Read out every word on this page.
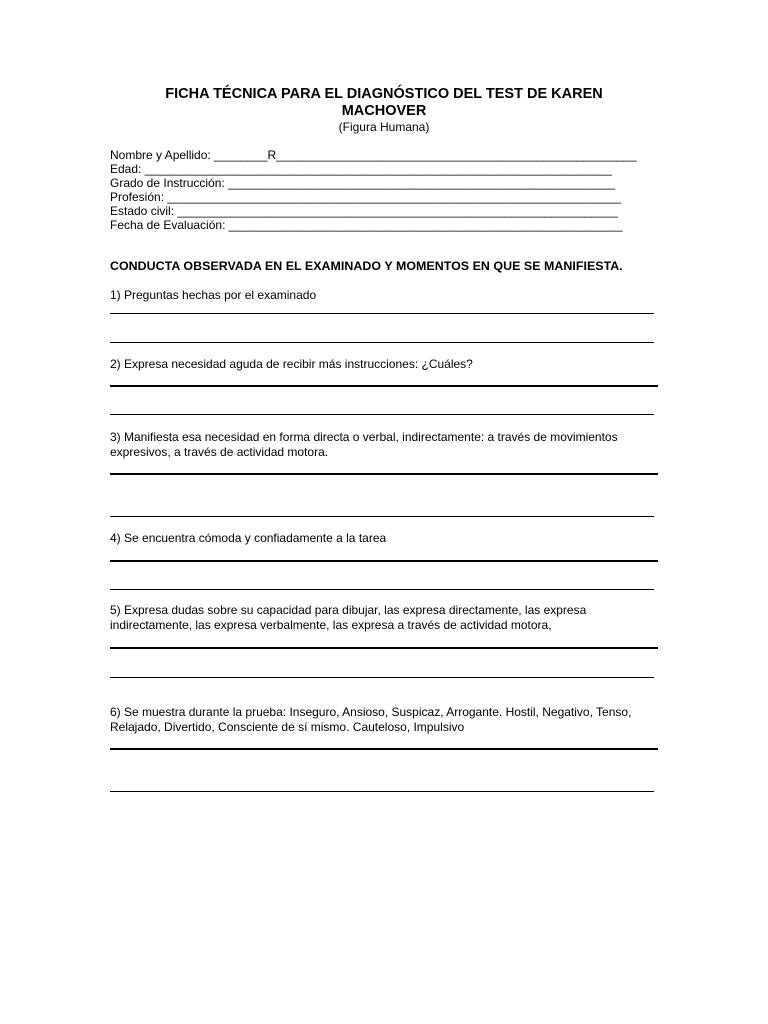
FICHA TÉCNICA PARA EL DIAGNÓSTICO DEL TEST DE KAREN
MACHOVER
(Figura Humana)
Nombre y Apellido: ________R______________________________________________________
Edad: ______________________________________________________________________
Grado de Instrucción: __________________________________________________________
Profesión: ____________________________________________________________________
Estado civil: __________________________________________________________________
Fecha de Evaluación: ___________________________________________________________
CONDUCTA OBSERVADA EN EL EXAMINADO Y MOMENTOS EN QUE SE MANIFIESTA.
1) Preguntas hechas por el examinado
2) Expresa necesidad aguda de recibir más instrucciones: ¿Cuáles?
3) Manifiesta esa necesidad en forma directa o verbal, indirectamente: a través de movimientos expresivos, a través de actividad motora.
4) Se encuentra cómoda y confiadamente a la tarea
5) Expresa dudas sobre su capacidad para dibujar, las expresa directamente, las expresa indirectamente, las expresa verbalmente, las expresa a través de actividad motora,
6) Se muestra durante la prueba: Inseguro, Ansioso, Suspicaz, Arrogante. Hostil, Negativo, Tenso, Relajado, Divertido, Consciente de sí mismo. Cauteloso, Impulsivo
